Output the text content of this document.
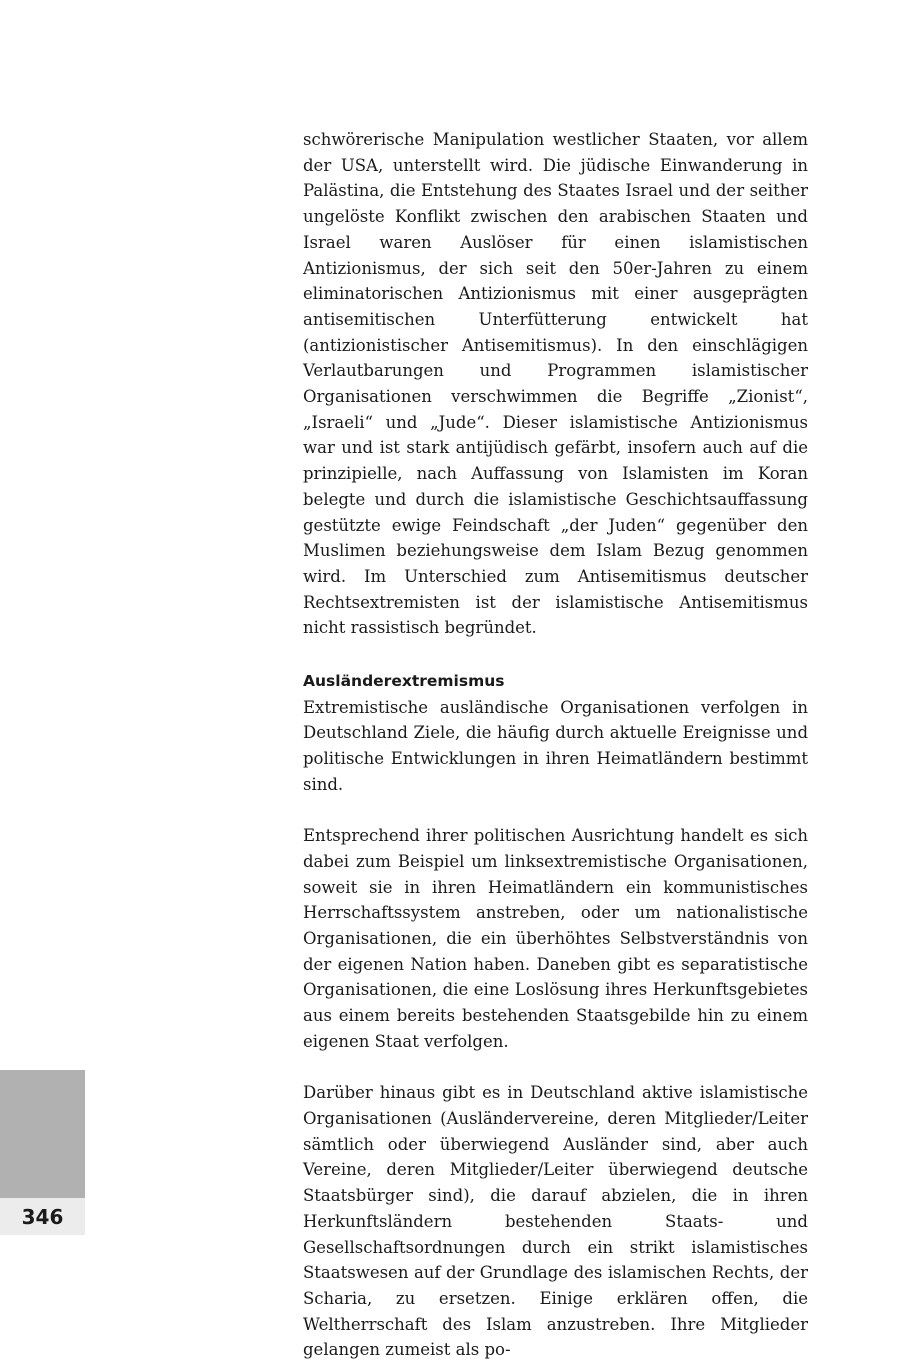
schwörerische Manipulation westlicher Staaten, vor allem der USA, unterstellt wird. Die jüdische Einwanderung in Palästina, die Entstehung des Staates Israel und der seither ungelöste Konflikt zwischen den arabischen Staaten und Israel waren Auslöser für einen islamistischen Antizionismus, der sich seit den 50er-Jahren zu einem eliminatorischen Antizionismus mit einer ausgeprägten antisemitischen Unterfütterung entwickelt hat (antizionistischer Antisemitismus). In den einschlägigen Verlautbarungen und Programmen islamistischer Organisationen verschwimmen die Begriffe „Zionist“, „Israeli“ und „Jude“. Dieser islamistische Antizionismus war und ist stark antijüdisch gefärbt, insofern auch auf die prinzipielle, nach Auffassung von Islamisten im Koran belegte und durch die islamistische Geschichtsauffassung gestützte ewige Feindschaft „der Juden“ gegenüber den Muslimen beziehungsweise dem Islam Bezug genommen wird. Im Unterschied zum Antisemitismus deutscher Rechtsextremisten ist der islamistische Antisemitismus nicht rassistisch begründet.

Ausländerextremismus

Extremistische ausländische Organisationen verfolgen in Deutschland Ziele, die häufig durch aktuelle Ereignisse und politische Entwicklungen in ihren Heimatländern bestimmt sind.

Entsprechend ihrer politischen Ausrichtung handelt es sich dabei zum Beispiel um linksextremistische Organisationen, soweit sie in ihren Heimatländern ein kommunistisches Herrschaftssystem anstreben, oder um nationalistische Organisationen, die ein überhöhtes Selbstverständnis von der eigenen Nation haben. Daneben gibt es separatistische Organisationen, die eine Loslösung ihres Herkunftsgebietes aus einem bereits bestehenden Staatsgebilde hin zu einem eigenen Staat verfolgen.

Darüber hinaus gibt es in Deutschland aktive islamistische Organisationen (Ausländervereine, deren Mitglieder/Leiter sämtlich oder überwiegend Ausländer sind, aber auch Vereine, deren Mitglieder/Leiter überwiegend deutsche Staatsbürger sind), die darauf abzielen, die in ihren Herkunftsländern bestehenden Staats- und Gesellschaftsordnungen durch ein strikt islamistisches Staatswesen auf der Grundlage des islamischen Rechts, der Scharia, zu ersetzen. Einige erklären offen, die Weltherrschaft des Islam anzustreben. Ihre Mitglieder gelangen zumeist als po-

346
